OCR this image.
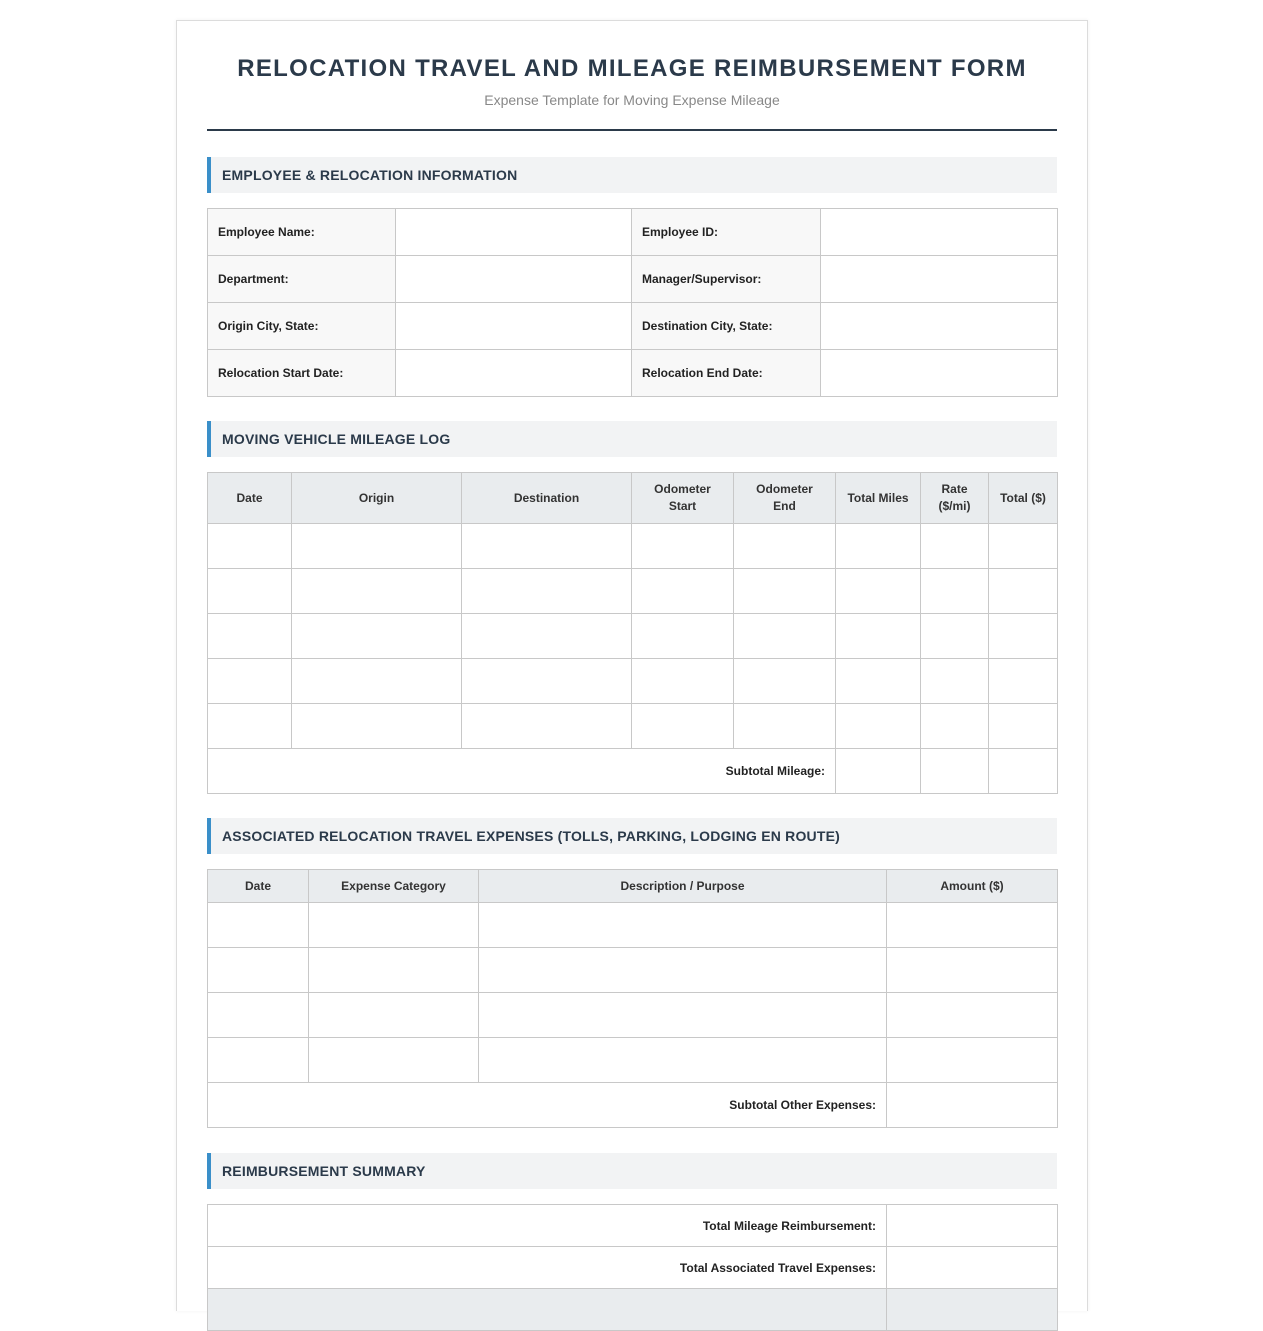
RELOCATION TRAVEL AND MILEAGE REIMBURSEMENT FORM
Expense Template for Moving Expense Mileage
EMPLOYEE & RELOCATION INFORMATION
Employee Name:		Employee ID:	
Department:		Manager/Supervisor:	
Origin City, State:		Destination City, State:	
Relocation Start Date:		Relocation End Date:	
MOVING VEHICLE MILEAGE LOG
Date	Origin	Destination	Odometer Start	Odometer End	Total Miles	Rate ($/mi)	Total ($)

Subtotal Mileage:							
ASSOCIATED RELOCATION TRAVEL EXPENSES (TOLLS, PARKING, LODGING EN ROUTE)
Date	Expense Category	Description / Purpose	Amount ($)

Subtotal Other Expenses:			
REIMBURSEMENT SUMMARY
Total Mileage Reimbursement:	
Total Associated Travel Expenses:	
